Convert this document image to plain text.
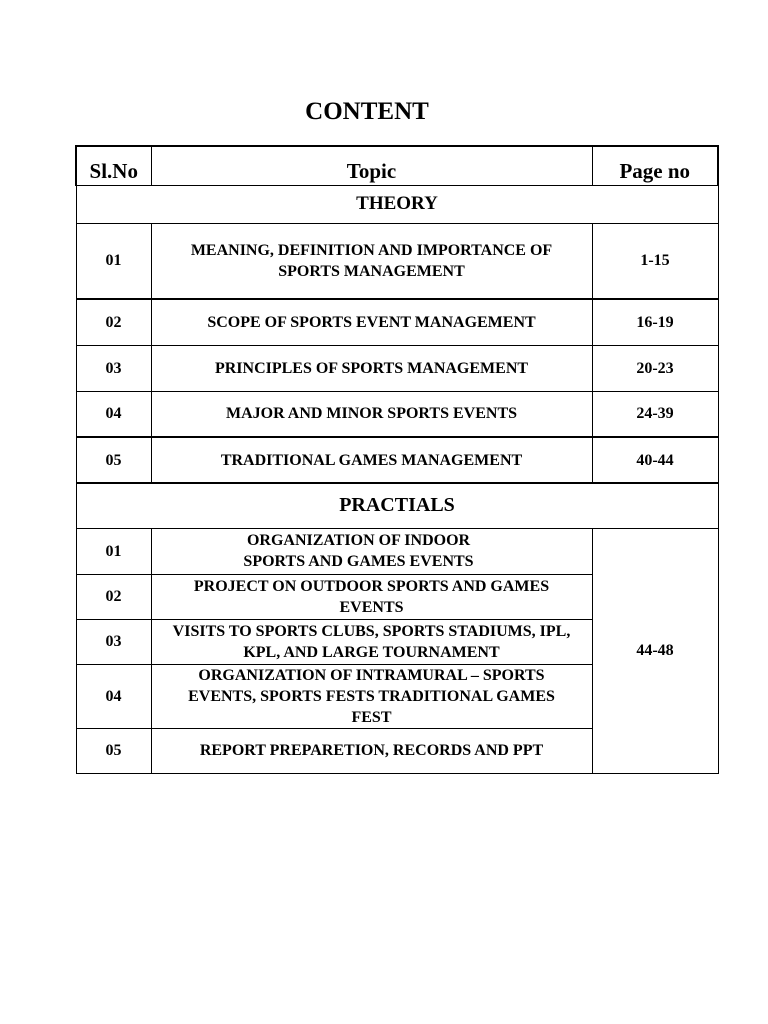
CONTENT
Sl.No	Topic	Page no
THEORY		
01	MEANING, DEFINITION AND IMPORTANCE OF SPORTS MANAGEMENT	1-15
02	SCOPE OF SPORTS EVENT MANAGEMENT	16-19
03	PRINCIPLES OF SPORTS MANAGEMENT	20-23
04	MAJOR AND MINOR SPORTS EVENTS	24-39
05	TRADITIONAL GAMES MANAGEMENT	40-44
PRACTIALS		
01	ORGANIZATION OF INDOOR SPORTS AND GAMES EVENTS	44-48
02	PROJECT ON OUTDOOR SPORTS AND GAMES EVENTS	
03	VISITS TO SPORTS CLUBS, SPORTS STADIUMS, IPL, KPL, AND LARGE TOURNAMENT	
04	ORGANIZATION OF INTRAMURAL – SPORTS EVENTS, SPORTS FESTS TRADITIONAL GAMES FEST	
05	REPORT PREPARETION, RECORDS AND PPT	
